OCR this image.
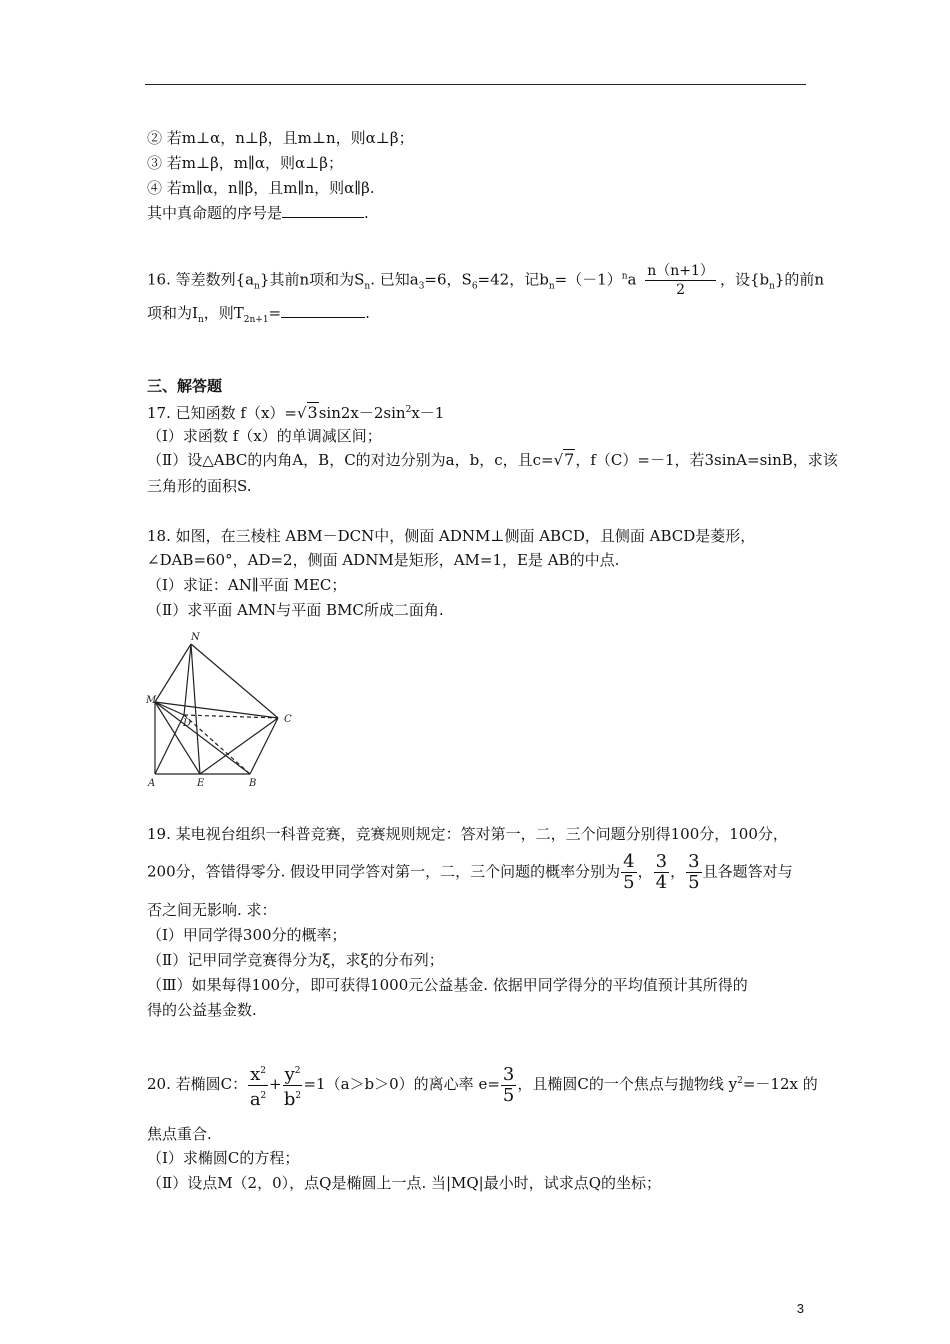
② 若m⊥α，n⊥β，且m⊥n，则α⊥β；
③ 若m⊥β，m∥α，则α⊥β；
④ 若m∥α，n∥β，且m∥n，则α∥β.
其中真命题的序号是	.
16. 等差数列$\{a_n\}$其前n项和为$S_n$. 已知$a_3=6$，$S_6=42$，记$b_n=(-1)^na \frac{n(n+1)}{2}$ ，设$\{b_n\}$的前n
项和为$I_n$，则$T_{2n+1}=$	.
三、解答题
17. 已知函数 $f(x)=√3\sin 2x-2\sin^2x-1$
（Ⅰ）求函数 f（x）的单调减区间；
（Ⅱ）设△ABC的内角A，B，C的对边分别为a，b，c，且c=√7，f（C）=－1，若3sinA=sinB，求该
三角形的面积S.
18. 如图，在三棱柱 ABM－DCN中，侧面 ADNM⊥侧面 ABCD，且侧面 ABCD是菱形，
∠DAB=60°，AD=2，侧面 ADNM是矩形，AM=1，E是 AB的中点.
（Ⅰ）求证：AN∥平面 MEC；
（Ⅱ）求平面 AMN与平面 BMC所成二面角.
N
M
D	C
A	E	B
19. 某电视台组织一科普竞赛，竞赛规则规定：答对第一，二，三个问题分别得100分，100分，
200分，答错得零分. 假设甲同学答对第一，二，三个问题的概率分别为 $\frac{4}{5}$ ， $\frac{3}{4}$ ， $\frac{3}{5}$ 且各题答对与
否之间无影响. 求：
（Ⅰ）甲同学得300分的概率；
（Ⅱ）记甲同学竞赛得分为ξ，求ξ的分布列；
（Ⅲ）如果每得100分，即可获得1000元公益基金. 依据甲同学得分的平均值预计其所得的
得的公益基金数.
20. 若椭圆C： $\frac{x^2}{a^2} + \frac{y^2}{b^2} =1(a>b>0)$的离心率 $e= \frac{3}{5}$ ，且椭圆C的一个焦点与抛物线 $y^2=-12x$ 的
焦点重合.
（Ⅰ）求椭圆C的方程；
（Ⅱ）设点M（2，0），点Q是椭圆上一点. 当|MQ|最小时，试求点Q的坐标；
3
